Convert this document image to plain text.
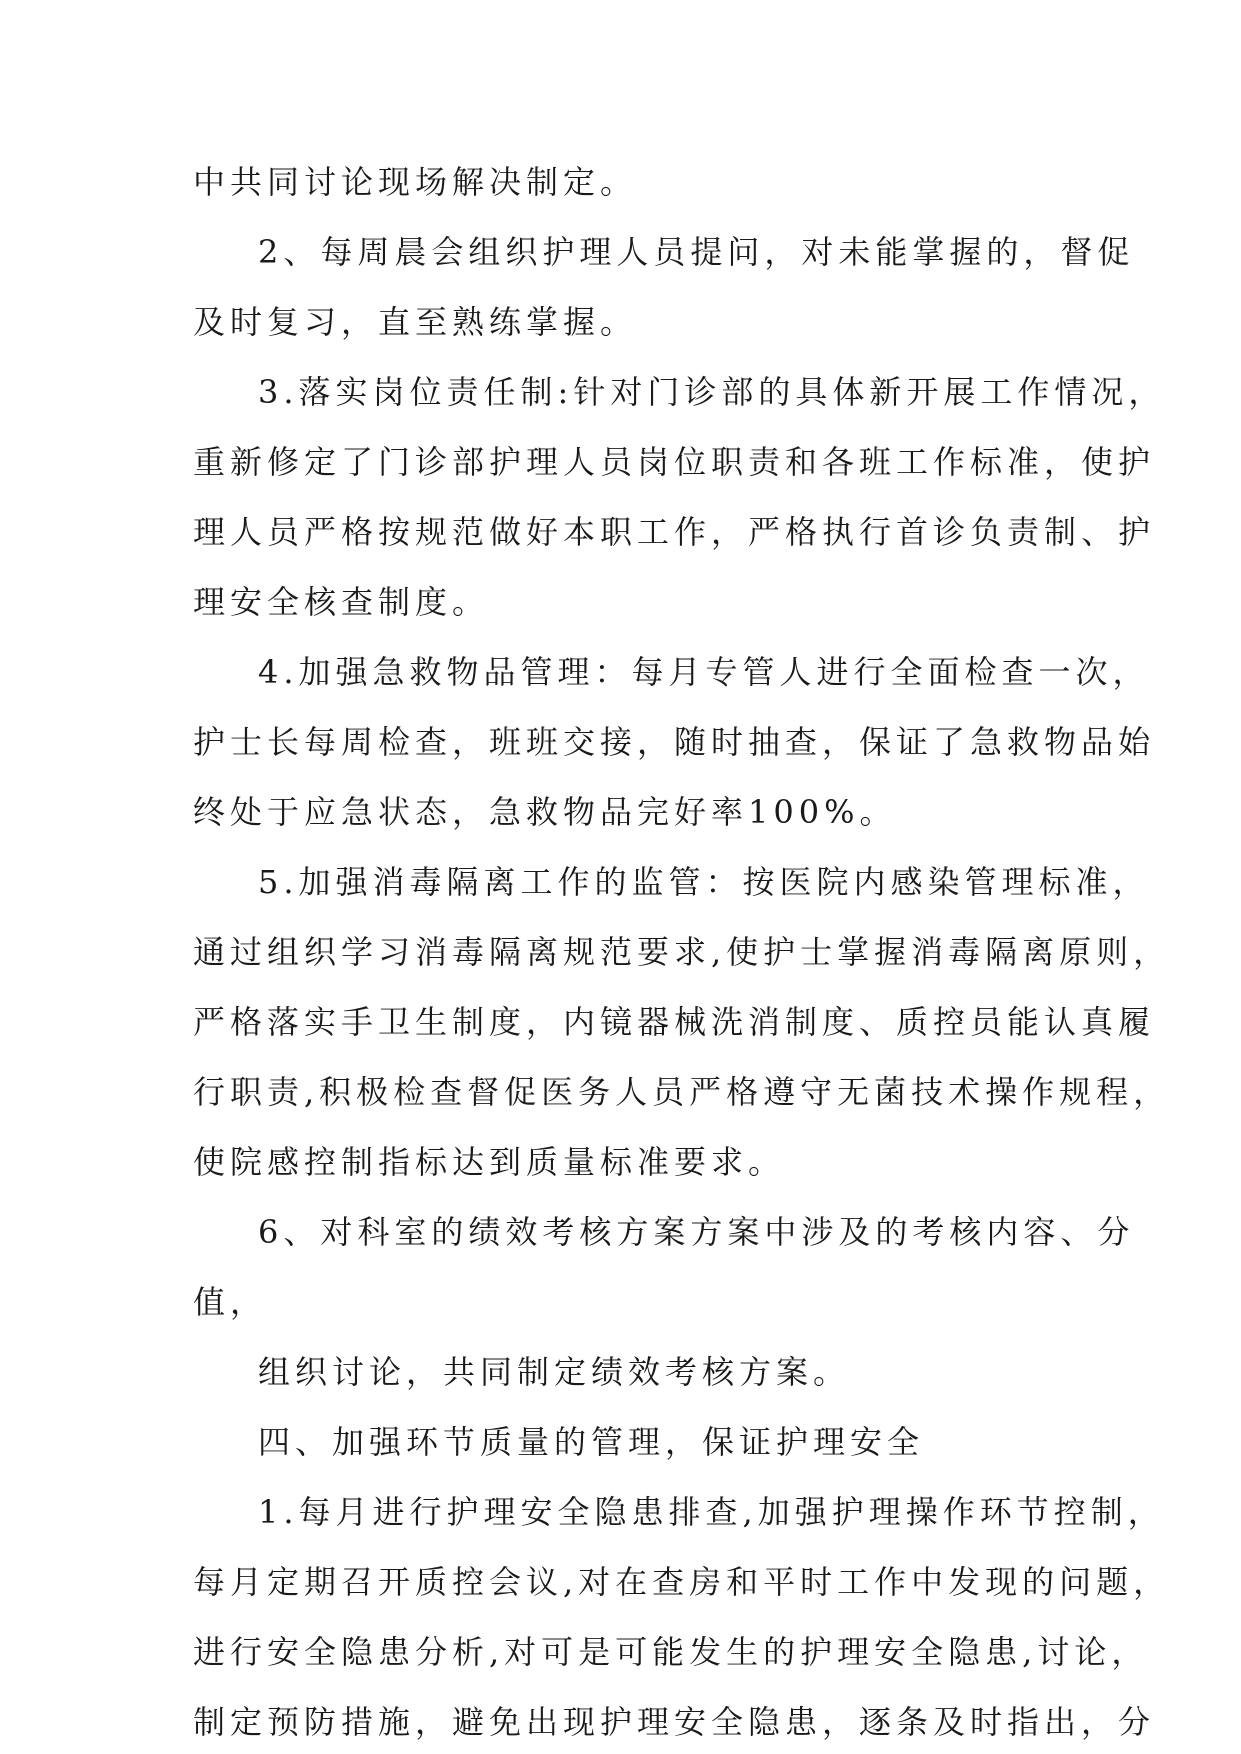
中共同讨论现场解决制定。
2、每周晨会组织护理人员提问，对未能掌握的，督促
及时复习，直至熟练掌握。
3.落实岗位责任制:针对门诊部的具体新开展工作情况，
重新修定了门诊部护理人员岗位职责和各班工作标准，使护
理人员严格按规范做好本职工作，严格执行首诊负责制、护
理安全核查制度。
4.加强急救物品管理：每月专管人进行全面检查一次，
护士长每周检查，班班交接，随时抽查，保证了急救物品始
终处于应急状态，急救物品完好率100%。
5.加强消毒隔离工作的监管：按医院内感染管理标准，
通过组织学习消毒隔离规范要求,使护士掌握消毒隔离原则，
严格落实手卫生制度，内镜器械洗消制度、质控员能认真履
行职责,积极检查督促医务人员严格遵守无菌技术操作规程，
使院感控制指标达到质量标准要求。
6、对科室的绩效考核方案方案中涉及的考核内容、分
值，
组织讨论，共同制定绩效考核方案。
四、加强环节质量的管理，保证护理安全
1.每月进行护理安全隐患排查,加强护理操作环节控制，
每月定期召开质控会议,对在查房和平时工作中发现的问题，
进行安全隐患分析,对可是可能发生的护理安全隐患,讨论，
制定预防措施，避免出现护理安全隐患，逐条及时指出，分
